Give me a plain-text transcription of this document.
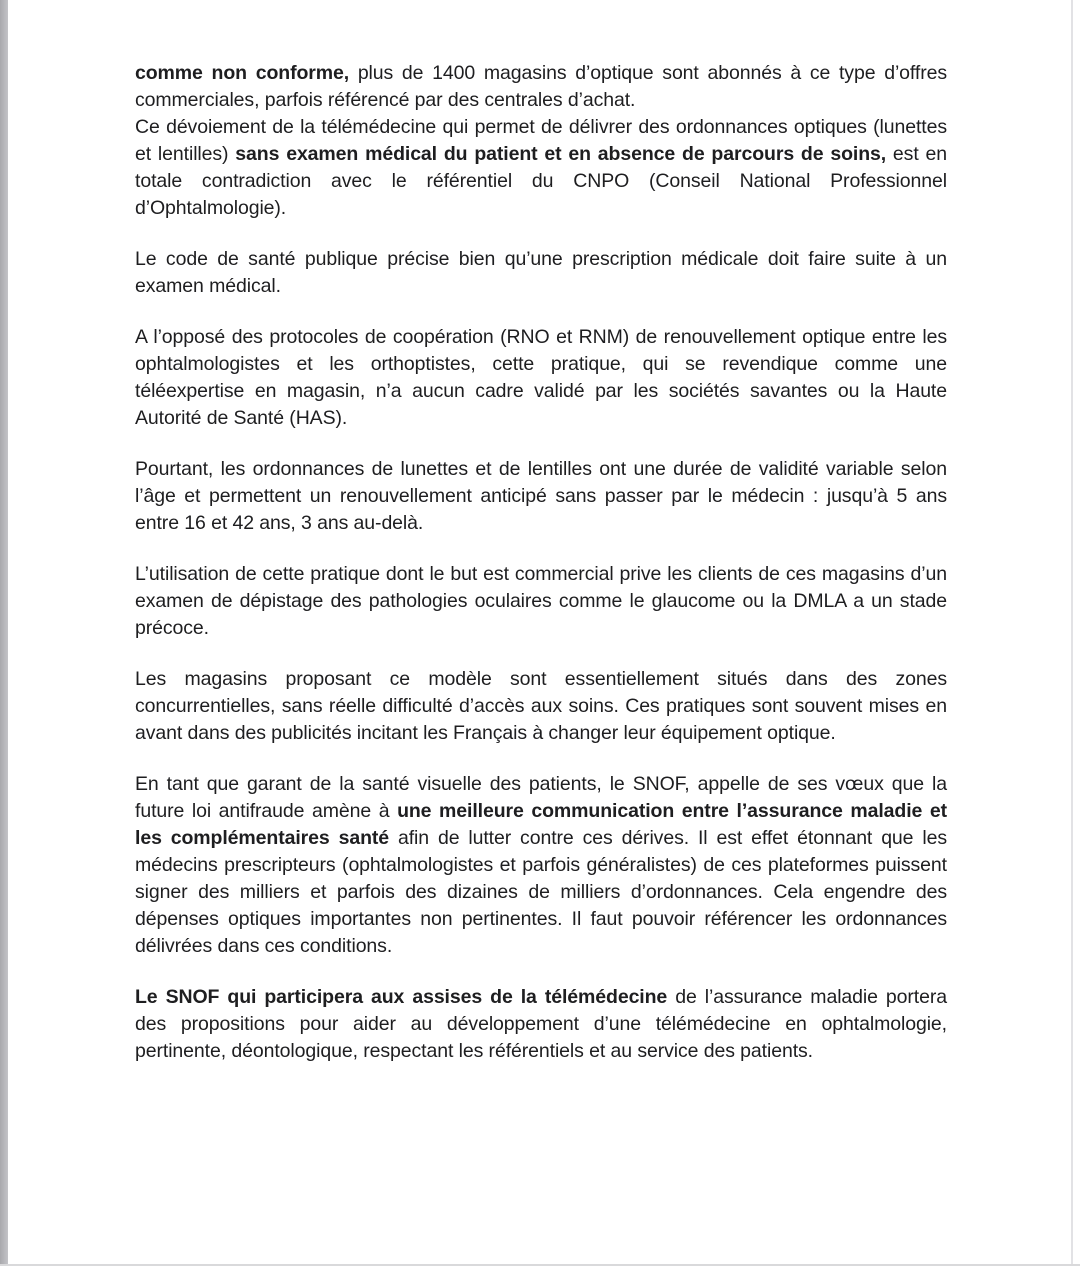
comme non conforme, plus de 1400 magasins d’optique sont abonnés à ce type d’offres commerciales, parfois référencé par des centrales d’achat.

Ce dévoiement de la télémédecine qui permet de délivrer des ordonnances optiques (lunettes et lentilles) sans examen médical du patient et en absence de parcours de soins, est en totale contradiction avec le référentiel du CNPO (Conseil National Professionnel d’Ophtalmologie).

Le code de santé publique précise bien qu’une prescription médicale doit faire suite à un examen médical.

A l’opposé des protocoles de coopération (RNO et RNM) de renouvellement optique entre les ophtalmologistes et les orthoptistes, cette pratique, qui se revendique comme une téléexpertise en magasin, n’a aucun cadre validé par les sociétés savantes ou la Haute Autorité de Santé (HAS).

Pourtant, les ordonnances de lunettes et de lentilles ont une durée de validité variable selon l’âge et permettent un renouvellement anticipé sans passer par le médecin : jusqu’à 5 ans entre 16 et 42 ans, 3 ans au-delà.

L’utilisation de cette pratique dont le but est commercial prive les clients de ces magasins d’un examen de dépistage des pathologies oculaires comme le glaucome ou la DMLA a un stade précoce.

Les magasins proposant ce modèle sont essentiellement situés dans des zones concurrentielles, sans réelle difficulté d’accès aux soins. Ces pratiques sont souvent mises en avant dans des publicités incitant les Français à changer leur équipement optique.

En tant que garant de la santé visuelle des patients, le SNOF, appelle de ses vœux que la future loi antifraude amène à une meilleure communication entre l’assurance maladie et les complémentaires santé afin de lutter contre ces dérives. Il est effet étonnant que les médecins prescripteurs (ophtalmologistes et parfois généralistes) de ces plateformes puissent signer des milliers et parfois des dizaines de milliers d’ordonnances. Cela engendre des dépenses optiques importantes non pertinentes. Il faut pouvoir référencer les ordonnances délivrées dans ces conditions.

Le SNOF qui participera aux assises de la télémédecine de l’assurance maladie portera des propositions pour aider au développement d’une télémédecine en ophtalmologie, pertinente, déontologique, respectant les référentiels et au service des patients.
